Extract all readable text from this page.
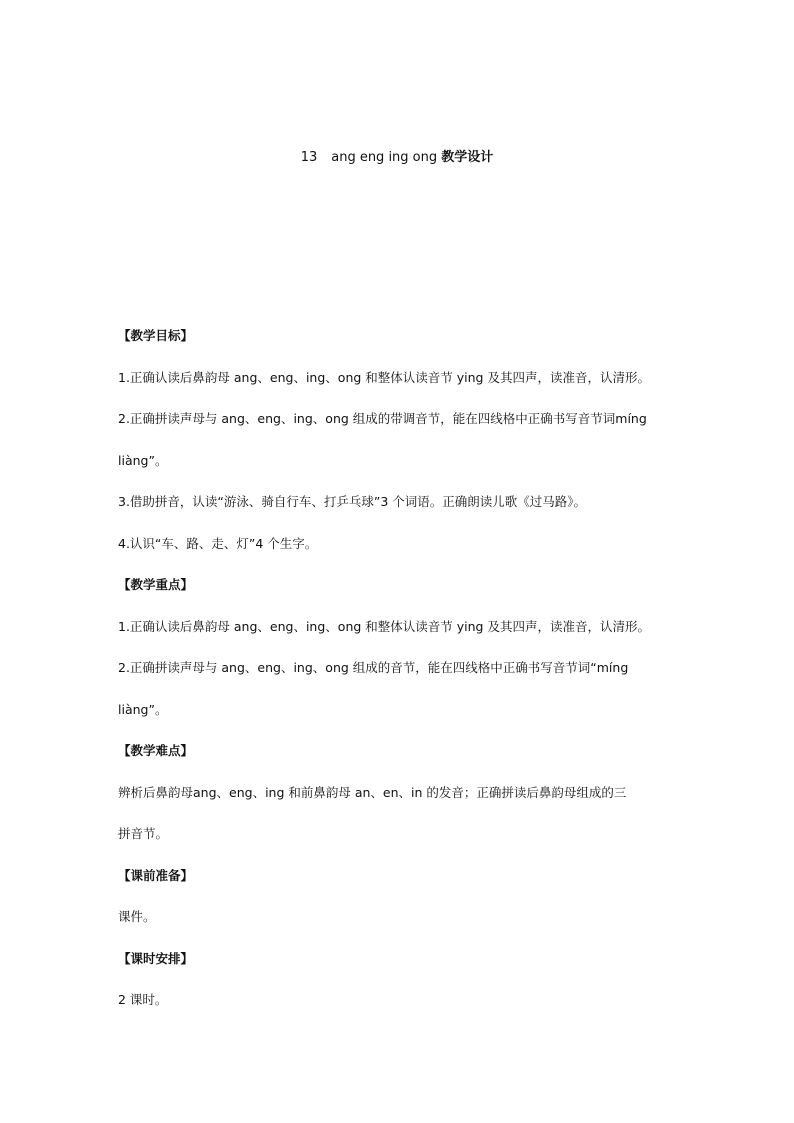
13 ang eng ing ong 教学设计

【教学目标】

1.正确认读后鼻韵母 ang、eng、ing、ong 和整体认读音节 ying 及其四声，读准音，认清形。

2.正确拼读声母与 ang、eng、ing、ong 组成的带调音节，能在四线格中正确书写音节词míng

liàng”。

3.借助拼音，认读“游泳、骑自行车、打乒乓球”3 个词语。正确朗读儿歌《过马路》。

4.认识“车、路、走、灯”4 个生字。

【教学重点】

1.正确认读后鼻韵母 ang、eng、ing、ong 和整体认读音节 ying 及其四声，读准音，认清形。

2.正确拼读声母与 ang、eng、ing、ong 组成的音节，能在四线格中正确书写音节词“míng

liàng”。

【教学难点】

辨析后鼻韵母ang、eng、ing 和前鼻韵母 an、en、in 的发音；正确拼读后鼻韵母组成的三

拼音节。

【课前准备】

课件。

【课时安排】

2 课时。
